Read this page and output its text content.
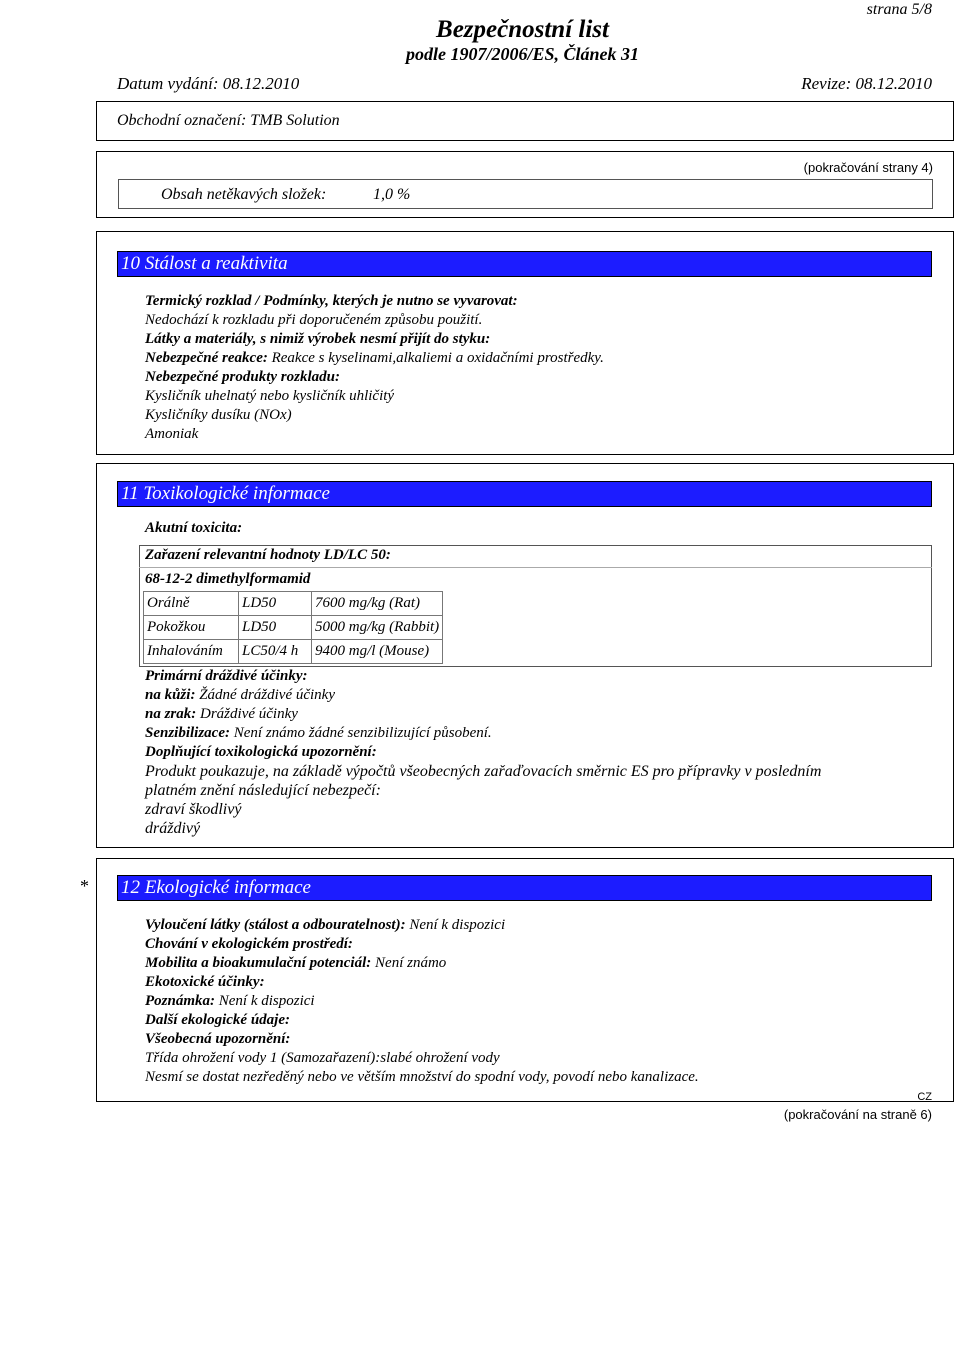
strana 5/8
Bezpečnostní list
podle 1907/2006/ES, Článek 31
Datum vydání: 08.12.2010	Revize: 08.12.2010
Obchodní označení: TMB Solution
(pokračování strany 4)
Obsah netěkavých složek:	1,0 %
10 Stálost a reaktivita
Termický rozklad / Podmínky, kterých je nutno se vyvarovat:
Nedochází k rozkladu při doporučeném způsobu použití.
Látky a materiály, s nimiž výrobek nesmí přijít do styku:
Nebezpečné reakce: Reakce s kyselinami,alkaliemi a oxidačními prostředky.
Nebezpečné produkty rozkladu:
Kysličník uhelnatý nebo kysličník uhličitý
Kysličníky dusíku (NOx)
Amoniak
11 Toxikologické informace
Akutní toxicita:
Zařazení relevantní hodnoty LD/LC 50:
68-12-2 dimethylformamid
Orálně	LD50	7600 mg/kg (Rat)
Pokožkou	LD50	5000 mg/kg (Rabbit)
Inhalováním	LC50/4 h	9400 mg/l (Mouse)
Primární dráždivé účinky:
na kůži: Žádné dráždivé účinky
na zrak: Dráždivé účinky
Senzibilizace: Není známo žádné senzibilizující působení.
Doplňující toxikologická upozornění:
Produkt poukazuje, na základě výpočtů všeobecných zařaďovacích směrnic ES pro přípravky v posledním
platném znění následující nebezpečí:
zdraví škodlivý
dráždivý
* 12 Ekologické informace
Vyloučení látky (stálost a odbouratelnost): Není k dispozici
Chování v ekologickém prostředí:
Mobilita a bioakumulační potenciál: Není známo
Ekotoxické účinky:
Poznámka: Není k dispozici
Další ekologické údaje:
Všeobecná upozornění:
Třída ohrožení vody 1 (Samozařazení):slabé ohrožení vody
Nesmí se dostat nezředěný nebo ve větším množství do spodní vody, povodí nebo kanalizace.
CZ
(pokračování na straně 6)
